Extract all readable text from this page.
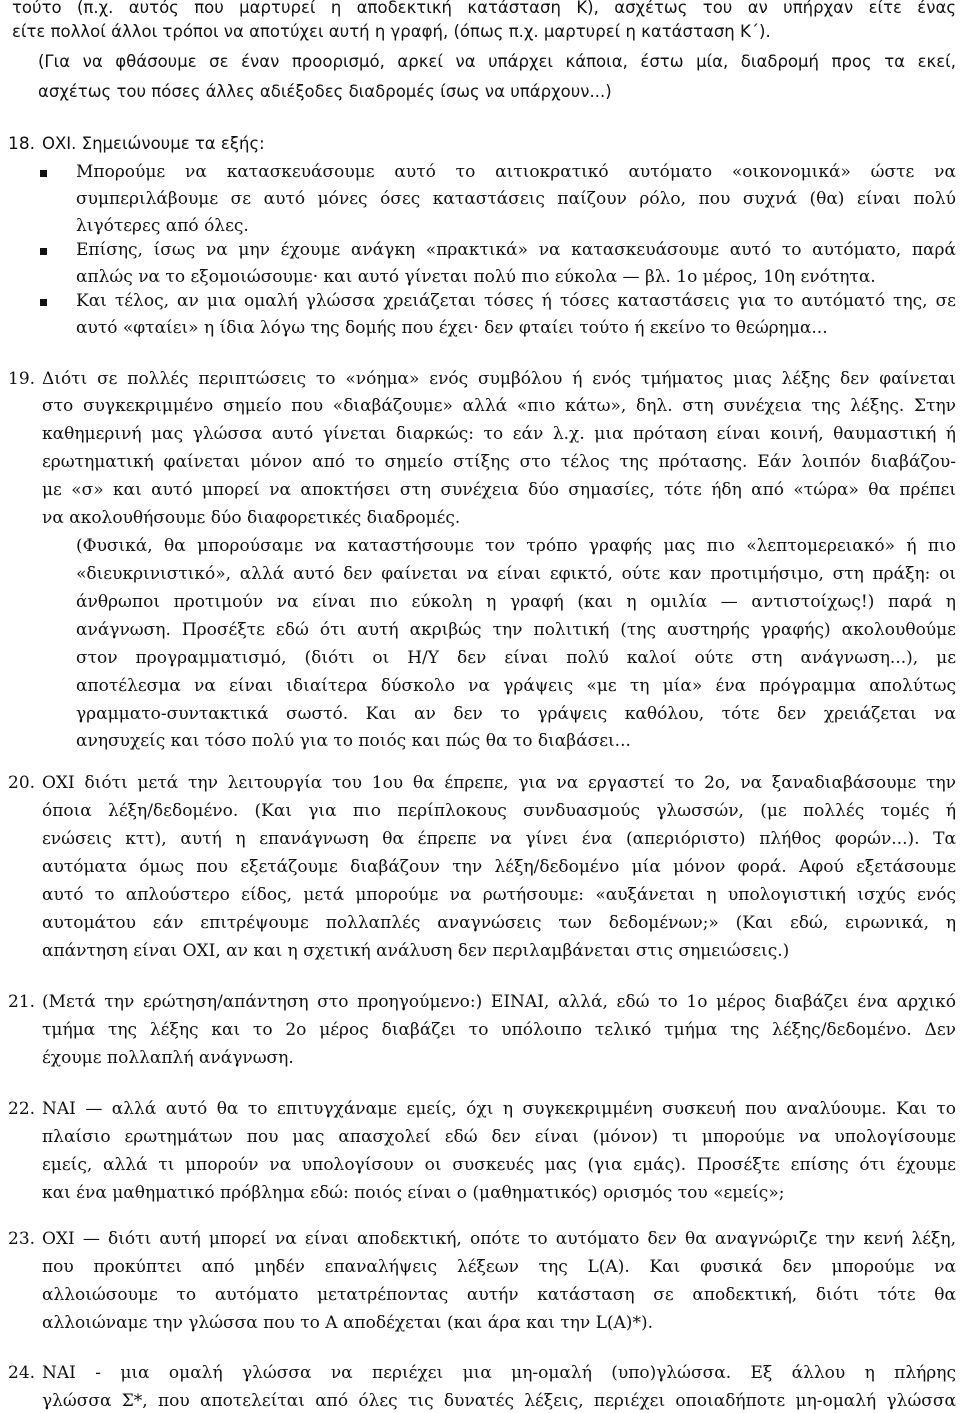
τούτο (π.χ. αυτός που μαρτυρεί η αποδεκτική κατάσταση Κ), ασχέτως του αν υπήρχαν είτε ένας
είτε πολλοί άλλοι τρόποι να αποτύχει αυτή η γραφή, (όπως π.χ. μαρτυρεί η κατάσταση Κ΄).
(Για να φθάσουμε σε έναν προορισμό, αρκεί να υπάρχει κάποια, έστω μία, διαδρομή προς τα εκεί,
ασχέτως του πόσες άλλες αδιέξοδες διαδρομές ίσως να υπάρχουν...)
18. ΟΧΙ. Σημειώνουμε τα εξής:
Μπορούμε να κατασκευάσουμε αυτό το αιτιοκρατικό αυτόματο «οικονομικά» ώστε να
συμπεριλάβουμε σε αυτό μόνες όσες καταστάσεις παίζουν ρόλο, που συχνά (θα) είναι πολύ
λιγότερες από όλες.
Επίσης, ίσως να μην έχουμε ανάγκη «πρακτικά» να κατασκευάσουμε αυτό το αυτόματο, παρά
απλώς να το εξομοιώσουμε· και αυτό γίνεται πολύ πιο εύκολα — βλ. 1ο μέρος, 10η ενότητα.
Και τέλος, αν μια ομαλή γλώσσα χρειάζεται τόσες ή τόσες καταστάσεις για το αυτόματό της, σε
αυτό «φταίει» η ίδια λόγω της δομής που έχει· δεν φταίει τούτο ή εκείνο το θεώρημα...
19. Διότι σε πολλές περιπτώσεις το «νόημα» ενός συμβόλου ή ενός τμήματος μιας λέξης δεν φαίνεται
στο συγκεκριμμένο σημείο που «διαβάζουμε» αλλά «πιο κάτω», δηλ. στη συνέχεια της λέξης. Στην
καθημερινή μας γλώσσα αυτό γίνεται διαρκώς: το εάν λ.χ. μια πρόταση είναι κοινή, θαυμαστική ή
ερωτηματική φαίνεται μόνον από το σημείο στίξης στο τέλος της πρότασης. Εάν λοιπόν διαβάζου-
με «σ» και αυτό μπορεί να αποκτήσει στη συνέχεια δύο σημασίες, τότε ήδη από «τώρα» θα πρέπει
να ακολουθήσουμε δύο διαφορετικές διαδρομές.
(Φυσικά, θα μπορούσαμε να καταστήσουμε τον τρόπο γραφής μας πιο «λεπτομερειακό» ή πιο
«διευκρινιστικό», αλλά αυτό δεν φαίνεται να είναι εφικτό, ούτε καν προτιμήσιμο, στη πράξη: οι
άνθρωποι προτιμούν να είναι πιο εύκολη η γραφή (και η ομιλία — αντιστοίχως!) παρά η
ανάγνωση. Προσέξτε εδώ ότι αυτή ακριβώς την πολιτική (της αυστηρής γραφής) ακολουθούμε
στον προγραμματισμό, (διότι οι Η/Υ δεν είναι πολύ καλοί ούτε στη ανάγνωση...), με
αποτέλεσμα να είναι ιδιαίτερα δύσκολο να γράψεις «με τη μία» ένα πρόγραμμα απολύτως
γραμματο-συντακτικά σωστό. Και αν δεν το γράψεις καθόλου, τότε δεν χρειάζεται να
ανησυχείς και τόσο πολύ για το ποιός και πώς θα το διαβάσει...
20. ΟΧΙ διότι μετά την λειτουργία του 1ου θα έπρεπε, για να εργαστεί το 2ο, να ξαναδιαβάσουμε την
όποια λέξη/δεδομένο. (Και για πιο περίπλοκους συνδυασμούς γλωσσών, (με πολλές τομές ή
ενώσεις κττ), αυτή η επανάγνωση θα έπρεπε να γίνει ένα (απεριόριστο) πλήθος φορών...). Τα
αυτόματα όμως που εξετάζουμε διαβάζουν την λέξη/δεδομένο μία μόνον φορά. Αφού εξετάσουμε
αυτό το απλούστερο είδος, μετά μπορούμε να ρωτήσουμε: «αυξάνεται η υπολογιστική ισχύς ενός
αυτομάτου εάν επιτρέψουμε πολλαπλές αναγνώσεις των δεδομένων;» (Και εδώ, ειρωνικά, η
απάντηση είναι ΟΧΙ, αν και η σχετική ανάλυση δεν περιλαμβάνεται στις σημειώσεις.)
21. (Μετά την ερώτηση/απάντηση στο προηγούμενο:) ΕΙΝΑΙ, αλλά, εδώ το 1ο μέρος διαβάζει ένα αρχικό
τμήμα της λέξης και το 2ο μέρος διαβάζει το υπόλοιπο τελικό τμήμα της λέξης/δεδομένο. Δεν
έχουμε πολλαπλή ανάγνωση.
22. ΝΑΙ — αλλά αυτό θα το επιτυγχάναμε εμείς, όχι η συγκεκριμμένη συσκευή που αναλύουμε. Και το
πλαίσιο ερωτημάτων που μας απασχολεί εδώ δεν είναι (μόνον) τι μπορούμε να υπολογίσουμε
εμείς, αλλά τι μπορούν να υπολογίσουν οι συσκευές μας (για εμάς). Προσέξτε επίσης ότι έχουμε
και ένα μαθηματικό πρόβλημα εδώ: ποιός είναι ο (μαθηματικός) ορισμός του «εμείς»;
23. ΟΧΙ — διότι αυτή μπορεί να είναι αποδεκτική, οπότε το αυτόματο δεν θα αναγνώριζε την κενή λέξη,
που προκύπτει από μηδέν επαναλήψεις λέξεων της L(A). Και φυσικά δεν μπορούμε να
αλλοιώσουμε το αυτόματο μετατρέποντας αυτήν κατάσταση σε αποδεκτική, διότι τότε θα
αλλοιώναμε την γλώσσα που το Α αποδέχεται (και άρα και την L(A)*).
24. ΝΑΙ - μια ομαλή γλώσσα να περιέχει μια μη-ομαλή (υπο)γλώσσα. Εξ άλλου η πλήρης
γλώσσα Σ*, που αποτελείται από όλες τις δυνατές λέξεις, περιέχει οποιαδήποτε μη-ομαλή γλώσσα
